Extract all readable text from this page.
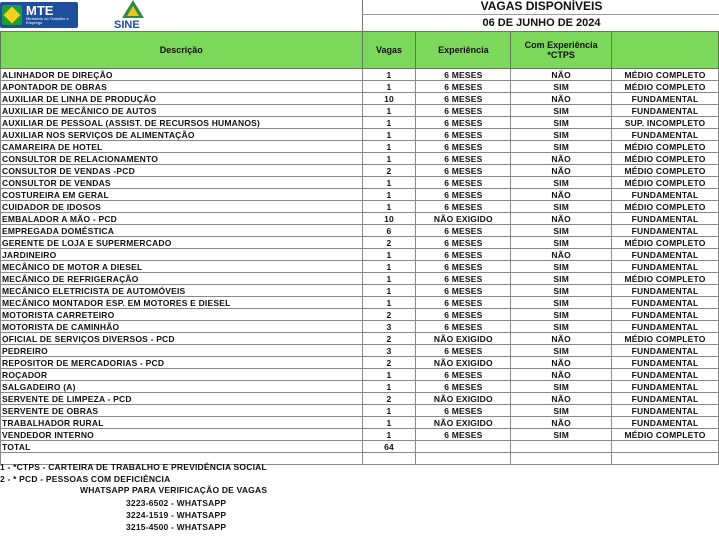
MTE
Ministério do Trabalho e Emprego	SINE
VAGAS DISPONÍVEIS
06 DE JUNHO DE 2024
Descrição	Vagas	Experiência	Com Experiência *CTPS	
ALINHADOR DE DIREÇÃO	1	6 MESES	NÃO	MÉDIO COMPLETO
APONTADOR DE OBRAS	1	6 MESES	SIM	MÉDIO COMPLETO
AUXILIAR DE LINHA DE PRODUÇÃO	10	6 MESES	NÃO	FUNDAMENTAL
AUXILIAR DE MECÂNICO DE AUTOS	1	6 MESES	SIM	FUNDAMENTAL
AUXILIAR DE PESSOAL (ASSIST. DE RECURSOS HUMANOS)	1	6 MESES	SIM	SUP. INCOMPLETO
AUXILIAR NOS SERVIÇOS DE ALIMENTAÇÃO	1	6 MESES	SIM	FUNDAMENTAL
CAMAREIRA DE HOTEL	1	6 MESES	SIM	MÉDIO COMPLETO
CONSULTOR DE RELACIONAMENTO	1	6 MESES	NÃO	MÉDIO COMPLETO
CONSULTOR DE VENDAS -PCD	2	6 MESES	NÃO	MÉDIO COMPLETO
CONSULTOR DE VENDAS	1	6 MESES	SIM	MÉDIO COMPLETO
COSTUREIRA EM GERAL	1	6 MESES	NÃO	FUNDAMENTAL
CUIDADOR DE IDOSOS	1	6 MESES	SIM	MÉDIO COMPLETO
EMBALADOR A MÃO - PCD	10	NÃO EXIGIDO	NÃO	FUNDAMENTAL
EMPREGADA DOMÉSTICA	6	6 MESES	SIM	FUNDAMENTAL
GERENTE DE LOJA E SUPERMERCADO	2	6 MESES	SIM	MÉDIO COMPLETO
JARDINEIRO	1	6 MESES	NÃO	FUNDAMENTAL
MECÂNICO DE MOTOR A DIESEL	1	6 MESES	SIM	FUNDAMENTAL
MECÂNICO DE REFRIGERAÇÃO	1	6 MESES	SIM	MÉDIO COMPLETO
MECÂNICO ELETRICISTA DE AUTOMÓVEIS	1	6 MESES	SIM	FUNDAMENTAL
MECÂNICO MONTADOR ESP. EM MOTORES E DIESEL	1	6 MESES	SIM	FUNDAMENTAL
MOTORISTA CARRETEIRO	2	6 MESES	SIM	FUNDAMENTAL
MOTORISTA DE CAMINHÃO	3	6 MESES	SIM	FUNDAMENTAL
OFICIAL DE SERVIÇOS DIVERSOS - PCD	2	NÃO EXIGIDO	NÃO	MÉDIO COMPLETO
PEDREIRO	3	6 MESES	SIM	FUNDAMENTAL
REPOSITOR DE MERCADORIAS - PCD	2	NÃO EXIGIDO	NÃO	FUNDAMENTAL
ROÇADOR	1	6 MESES	NÃO	FUNDAMENTAL
SALGADEIRO (A)	1	6 MESES	SIM	FUNDAMENTAL
SERVENTE DE LIMPEZA - PCD	2	NÃO EXIGIDO	NÃO	FUNDAMENTAL
SERVENTE DE OBRAS	1	6 MESES	SIM	FUNDAMENTAL
TRABALHADOR RURAL	1	NÃO EXIGIDO	NÃO	FUNDAMENTAL
VENDEDOR INTERNO	1	6 MESES	SIM	MÉDIO COMPLETO
TOTAL	64			

1 - *CTPS - CARTEIRA DE TRABALHO E PREVIDÊNCIA SOCIAL
2 - * PCD - PESSOAS COM DEFICIÊNCIA
WHATSAPP PARA VERIFICAÇÃO DE VAGAS
3223-6502 - WHATSAPP
3224-1519 - WHATSAPP
3215-4500 - WHATSAPP
